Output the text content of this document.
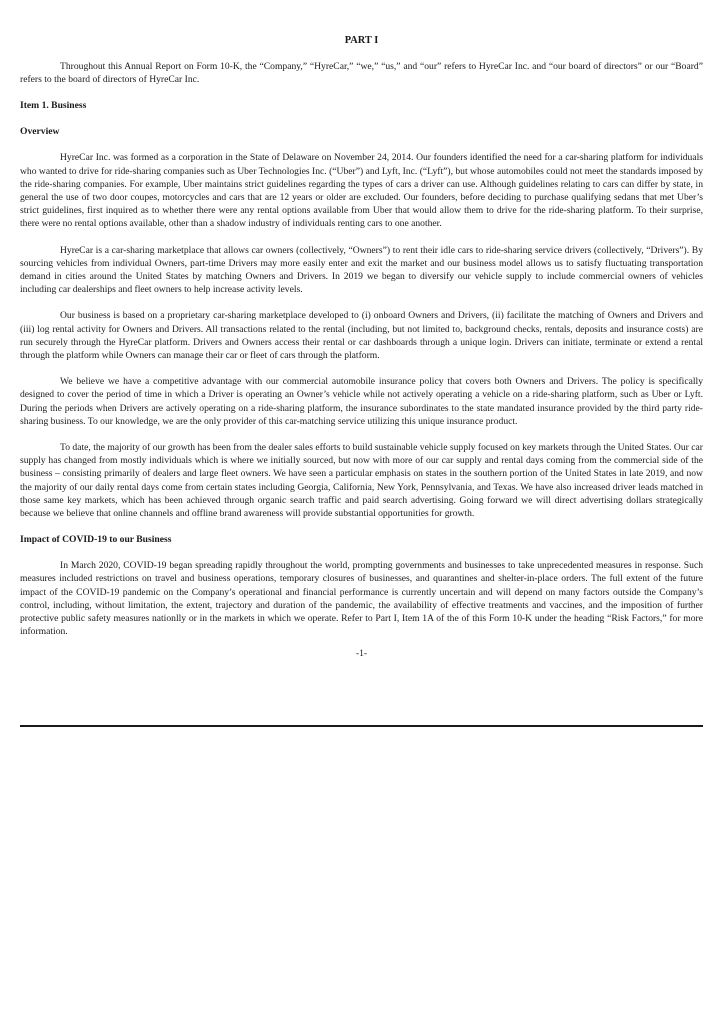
PART I

Throughout this Annual Report on Form 10-K, the “Company,” “HyreCar,” “we,” “us,” and “our” refers to HyreCar Inc. and “our board of directors” or our “Board” refers to the board of directors of HyreCar Inc.

Item 1. Business
Overview

HyreCar Inc. was formed as a corporation in the State of Delaware on November 24, 2014. Our founders identified the need for a car-sharing platform for individuals who wanted to drive for ride-sharing companies such as Uber Technologies Inc. (“Uber”) and Lyft, Inc. (“Lyft”), but whose automobiles could not meet the standards imposed by the ride-sharing companies. For example, Uber maintains strict guidelines regarding the types of cars a driver can use. Although guidelines relating to cars can differ by state, in general the use of two door coupes, motorcycles and cars that are 12 years or older are excluded. Our founders, before deciding to purchase qualifying sedans that met Uber’s strict guidelines, first inquired as to whether there were any rental options available from Uber that would allow them to drive for the ride-sharing platform. To their surprise, there were no rental options available, other than a shadow industry of individuals renting cars to one another.

HyreCar is a car-sharing marketplace that allows car owners (collectively, “Owners”) to rent their idle cars to ride-sharing service drivers (collectively, “Drivers”). By sourcing vehicles from individual Owners, part-time Drivers may more easily enter and exit the market and our business model allows us to satisfy fluctuating transportation demand in cities around the United States by matching Owners and Drivers. In 2019 we began to diversify our vehicle supply to include commercial owners of vehicles including car dealerships and fleet owners to help increase activity levels.

Our business is based on a proprietary car-sharing marketplace developed to (i) onboard Owners and Drivers, (ii) facilitate the matching of Owners and Drivers and (iii) log rental activity for Owners and Drivers. All transactions related to the rental (including, but not limited to, background checks, rentals, deposits and insurance costs) are run securely through the HyreCar platform. Drivers and Owners access their rental or car dashboards through a unique login. Drivers can initiate, terminate or extend a rental through the platform while Owners can manage their car or fleet of cars through the platform.

We believe we have a competitive advantage with our commercial automobile insurance policy that covers both Owners and Drivers. The policy is specifically designed to cover the period of time in which a Driver is operating an Owner’s vehicle while not actively operating a vehicle on a ride-sharing platform, such as Uber or Lyft. During the periods when Drivers are actively operating on a ride-sharing platform, the insurance subordinates to the state mandated insurance provided by the third party ride-sharing business. To our knowledge, we are the only provider of this car-matching service utilizing this unique insurance product.

To date, the majority of our growth has been from the dealer sales efforts to build sustainable vehicle supply focused on key markets through the United States. Our car supply has changed from mostly individuals which is where we initially sourced, but now with more of our car supply and rental days coming from the commercial side of the business – consisting primarily of dealers and large fleet owners. We have seen a particular emphasis on states in the southern portion of the United States in late 2019, and now the majority of our daily rental days come from certain states including Georgia, California, New York, Pennsylvania, and Texas. We have also increased driver leads matched in those same key markets, which has been achieved through organic search traffic and paid search advertising. Going forward we will direct advertising dollars strategically because we believe that online channels and offline brand awareness will provide substantial opportunities for growth.

Impact of COVID-19 to our Business

In March 2020, COVID-19 began spreading rapidly throughout the world, prompting governments and businesses to take unprecedented measures in response. Such measures included restrictions on travel and business operations, temporary closures of businesses, and quarantines and shelter-in-place orders. The full extent of the future impact of the COVID-19 pandemic on the Company’s operational and financial performance is currently uncertain and will depend on many factors outside the Company’s control, including, without limitation, the extent, trajectory and duration of the pandemic, the availability of effective treatments and vaccines, and the imposition of further protective public safety measures nationlly or in the markets in which we operate. Refer to Part I, Item 1A of the of this Form 10-K under the heading “Risk Factors,” for more information.

-1-
